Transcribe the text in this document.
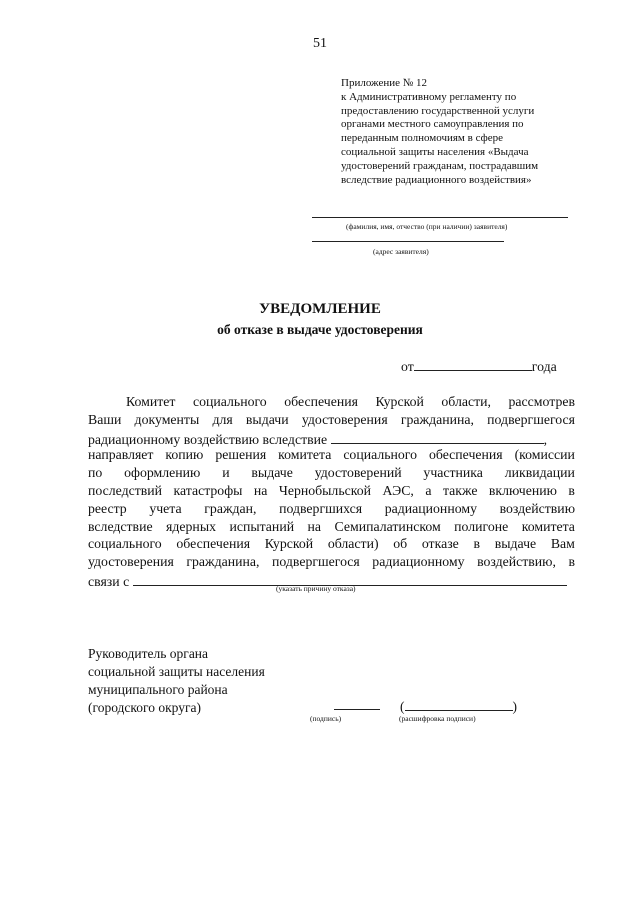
51
Приложение № 12
к Административному регламенту по
предоставлению государственной услуги
органами местного самоуправления по
переданным полномочиям в сфере
социальной защиты населения «Выдача
удостоверений гражданам, пострадавшим
вследствие радиационного воздействия»
(фамилия, имя, отчество (при наличии) заявителя)
(адрес заявителя)
УВЕДОМЛЕНИЕ
об отказе в выдаче удостоверения
от	года
Комитет социального обеспечения Курской области, рассмотрев
Ваши документы для выдачи удостоверения гражданина, подвергшегося
радиационному воздействию вследствие	,
направляет копию решения комитета социального обеспечения (комиссии
по оформлению и выдаче удостоверений участника ликвидации
последствий катастрофы на Чернобыльской АЭС, а также включению в
реестр учета граждан, подвергшихся радиационному воздействию
вследствие ядерных испытаний на Семипалатинском полигоне комитета
социального обеспечения Курской области) об отказе в выдаче Вам
удостоверения гражданина, подвергшегося радиационному воздействию, в
связи с	(указать причину отказа)
Руководитель органа
социальной защиты населения
муниципального района
(городского округа)
(подпись)
(	)
(расшифровка подписи)
